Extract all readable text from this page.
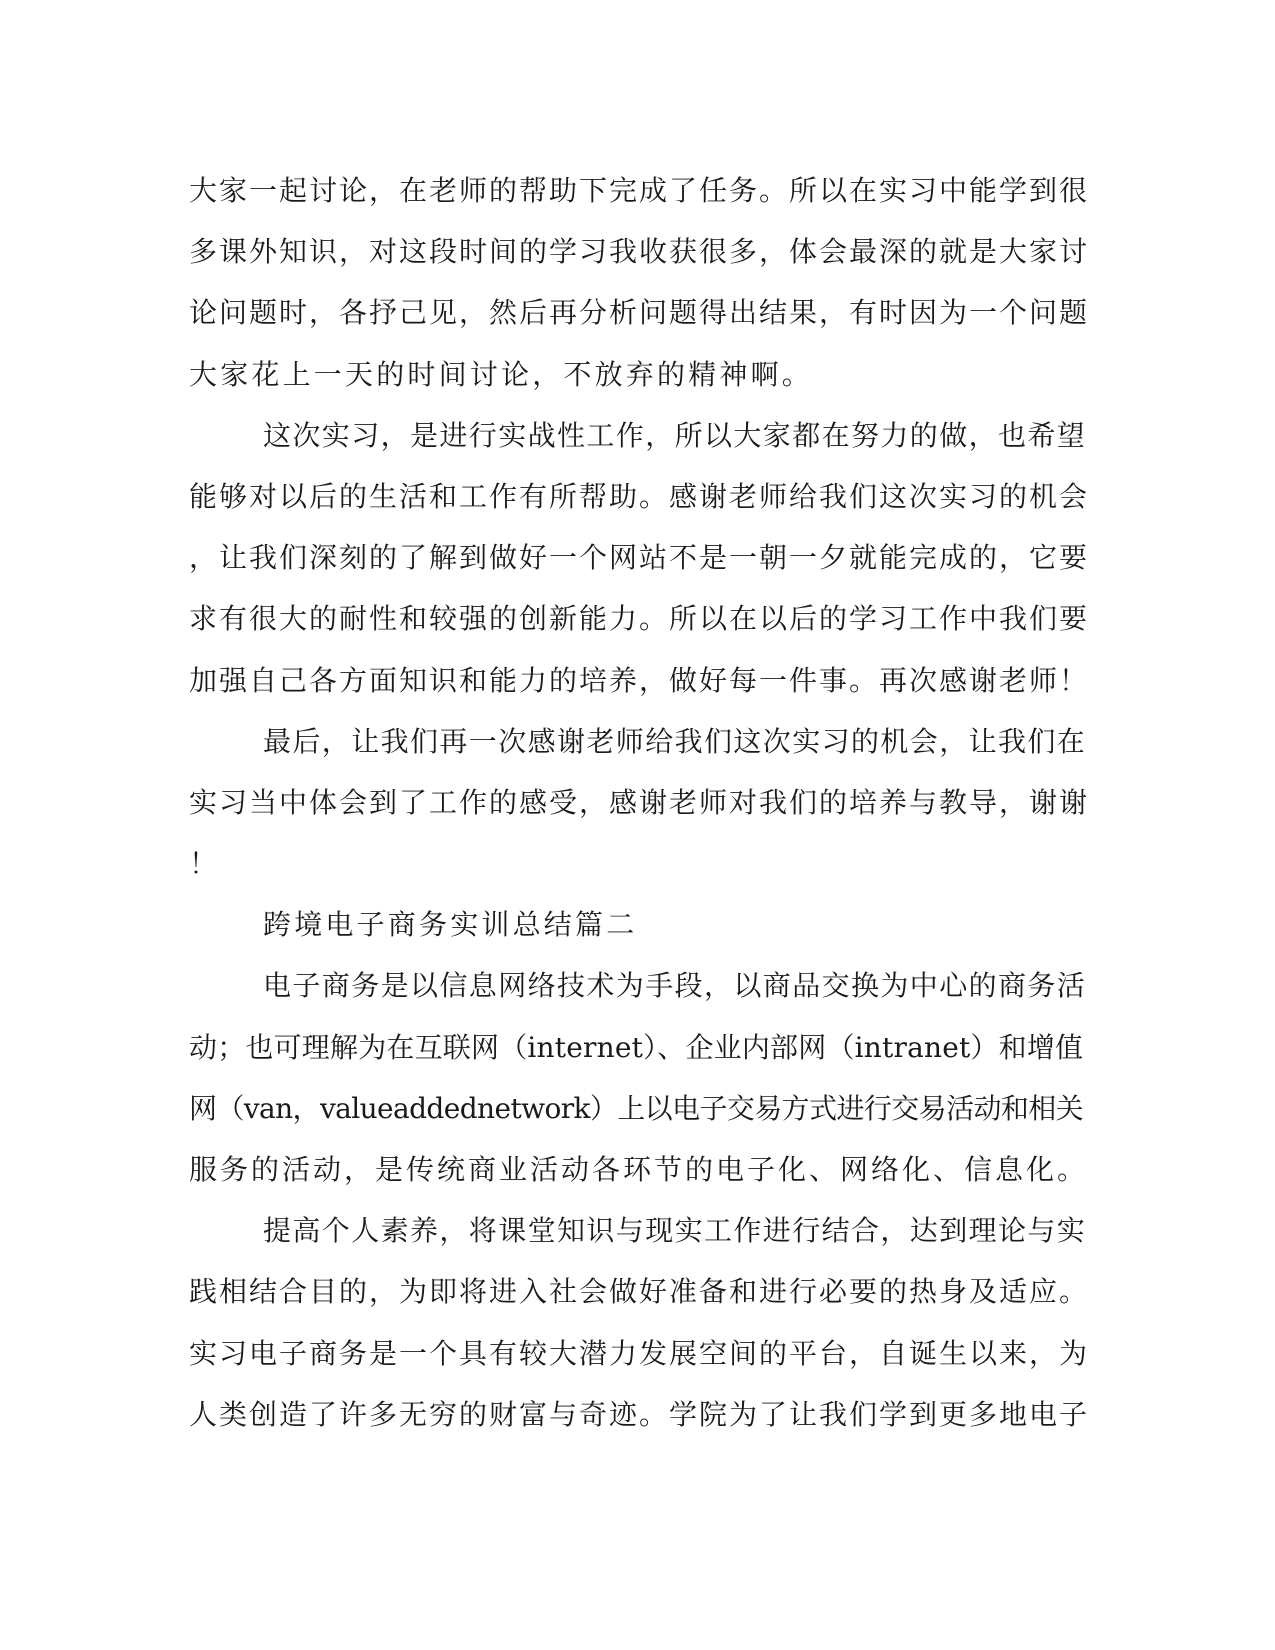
大家一起讨论，在老师的帮助下完成了任务。所以在实习中能学到很
多课外知识，对这段时间的学习我收获很多，体会最深的就是大家讨
论问题时，各抒己见，然后再分析问题得出结果，有时因为一个问题
大家花上一天的时间讨论，不放弃的精神啊。
这次实习，是进行实战性工作，所以大家都在努力的做，也希望
能够对以后的生活和工作有所帮助。感谢老师给我们这次实习的机会
，让我们深刻的了解到做好一个网站不是一朝一夕就能完成的，它要
求有很大的耐性和较强的创新能力。所以在以后的学习工作中我们要
加强自己各方面知识和能力的培养，做好每一件事。再次感谢老师！
最后，让我们再一次感谢老师给我们这次实习的机会，让我们在
实习当中体会到了工作的感受，感谢老师对我们的培养与教导，谢谢
！
跨境电子商务实训总结篇二
电子商务是以信息网络技术为手段，以商品交换为中心的商务活
动；也可理解为在互联网（internet）、企业内部网（intranet）和增值
网（van，valueaddednetwork）上以电子交易方式进行交易活动和相关
服务的活动，是传统商业活动各环节的电子化、网络化、信息化。
提高个人素养，将课堂知识与现实工作进行结合，达到理论与实
践相结合目的，为即将进入社会做好准备和进行必要的热身及适应。
实习电子商务是一个具有较大潜力发展空间的平台，自诞生以来，为
人类创造了许多无穷的财富与奇迹。学院为了让我们学到更多地电子
